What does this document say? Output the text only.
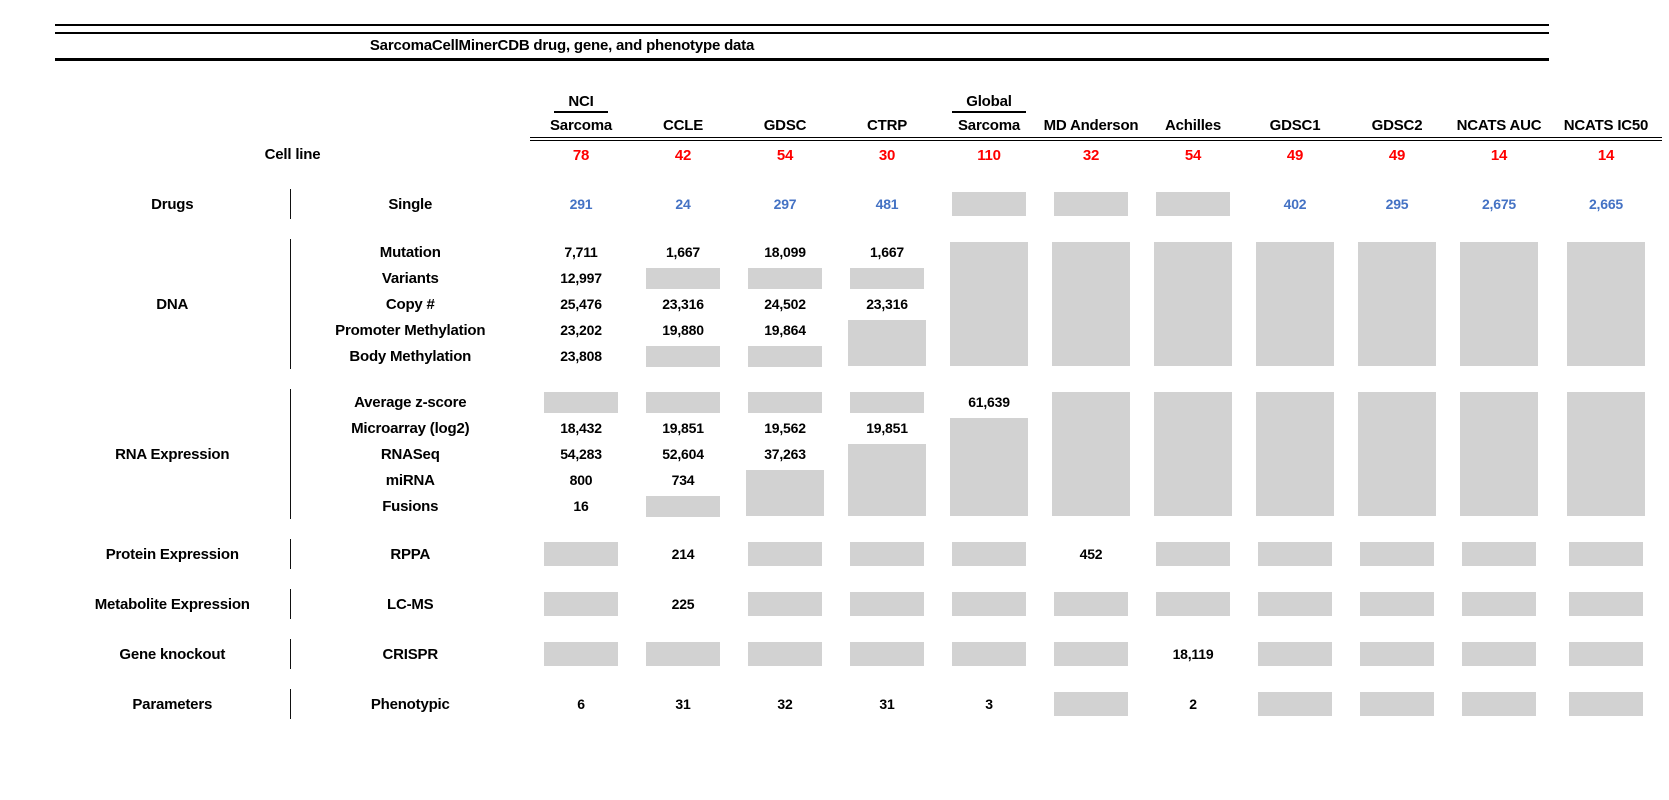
SarcomaCellMinerCDB drug, gene, and phenotype data
		NCI				Global						
		Sarcoma	CCLE	GDSC	CTRP	Sarcoma	MD Anderson	Achilles	GDSC1	GDSC2	NCATS AUC	NCATS IC50
Cell line		78	42	54	30	110	32	54	49	49	14	14

Drugs	Single	291	24	297	481				402	295	2,675	2,665

DNA	Mutation	7,711	1,667	18,099	1,667	

	Variants	12,997								

	Copy #	25,476	23,316	24,502	23,316							
	Promoter Methylation	23,202	19,880	19,864								

	Body Methylation	23,808									

RNA Expression	Average z-score					61,639	

	Microarray (log2)	18,432	19,851	19,562	19,851							

	RNASeq	54,283	52,604	37,263								

	miRNA	800	734									

	Fusions	16										

Protein Expression	RPPA		214				452	

Metabolite Expression	LC-MS		225	

Gene knockout	CRISPR							18,119	

Parameters	Phenotypic	6	31	32	31	3		2	
